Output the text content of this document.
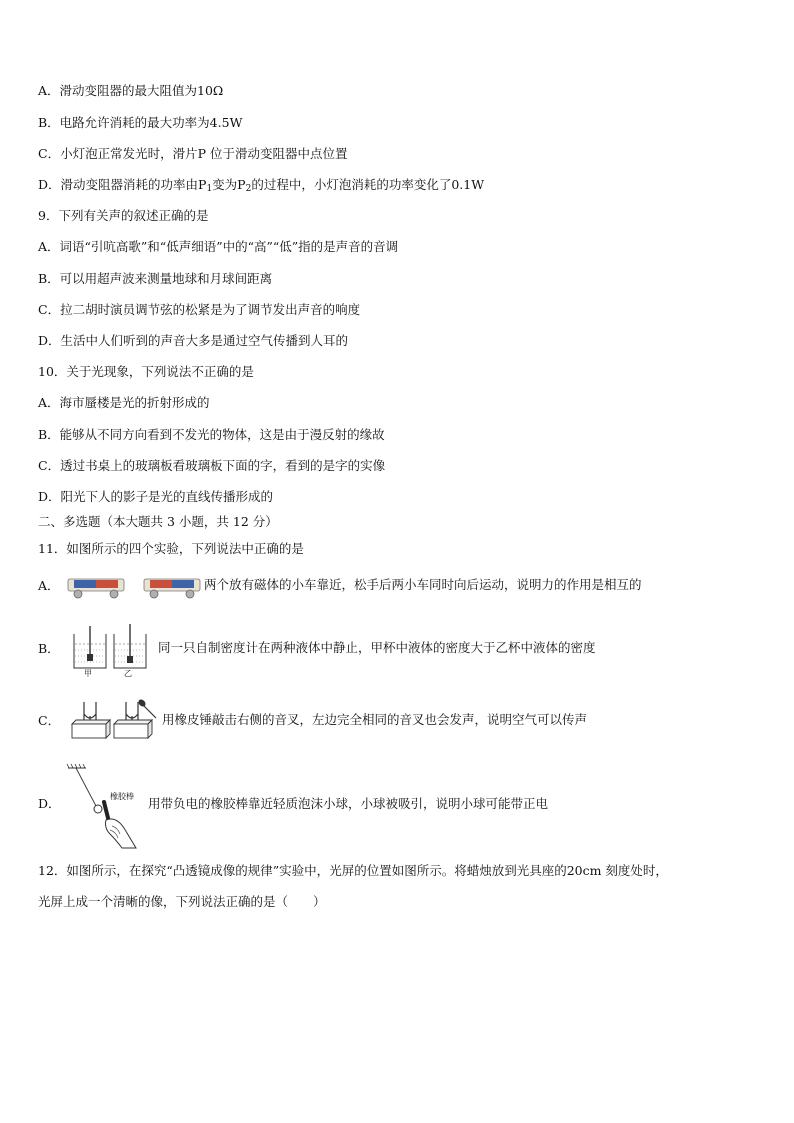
A．滑动变阻器的最大阻值为10Ω
B．电路允许消耗的最大功率为4.5W
C．小灯泡正常发光时，滑片P 位于滑动变阻器中点位置
D．滑动变阻器消耗的功率由$P_1$变为$P_2$的过程中，小灯泡消耗的功率变化了0.1W
9．下列有关声的叙述正确的是
A．词语“引吭高歌”和“低声细语”中的“高”“低”指的是声音的音调
B．可以用超声波来测量地球和月球间距离
C．拉二胡时演员调节弦的松紧是为了调节发出声音的响度
D．生活中人们听到的声音大多是通过空气传播到人耳的
10．关于光现象，下列说法不正确的是
A．海市蜃楼是光的折射形成的
B．能够从不同方向看到不发光的物体，这是由于漫反射的缘故
C．透过书桌上的玻璃板看玻璃板下面的字，看到的是字的实像
D．阳光下人的影子是光的直线传播形成的
二、多选题（本大题共 3 小题，共 12 分）
11．如图所示的四个实验，下列说法中正确的是
A．	两个放有磁体的小车靠近，松手后两小车同时向后运动，说明力的作用是相互的
B．
甲	乙
同一只自制密度计在两种液体中静止，甲杯中液体的密度大于乙杯中液体的密度
C．	用橡皮锤敲击右侧的音叉，左边完全相同的音叉也会发声，说明空气可以传声
D．	橡胶棒 用带负电的橡胶棒靠近轻质泡沫小球，小球被吸引，说明小球可能带正电
12．如图所示，在探究“凸透镜成像的规律”实验中，光屏的位置如图所示。将蜡烛放到光具座的20cm 刻度处时，
光屏上成一个清晰的像，下列说法正确的是（　　）
